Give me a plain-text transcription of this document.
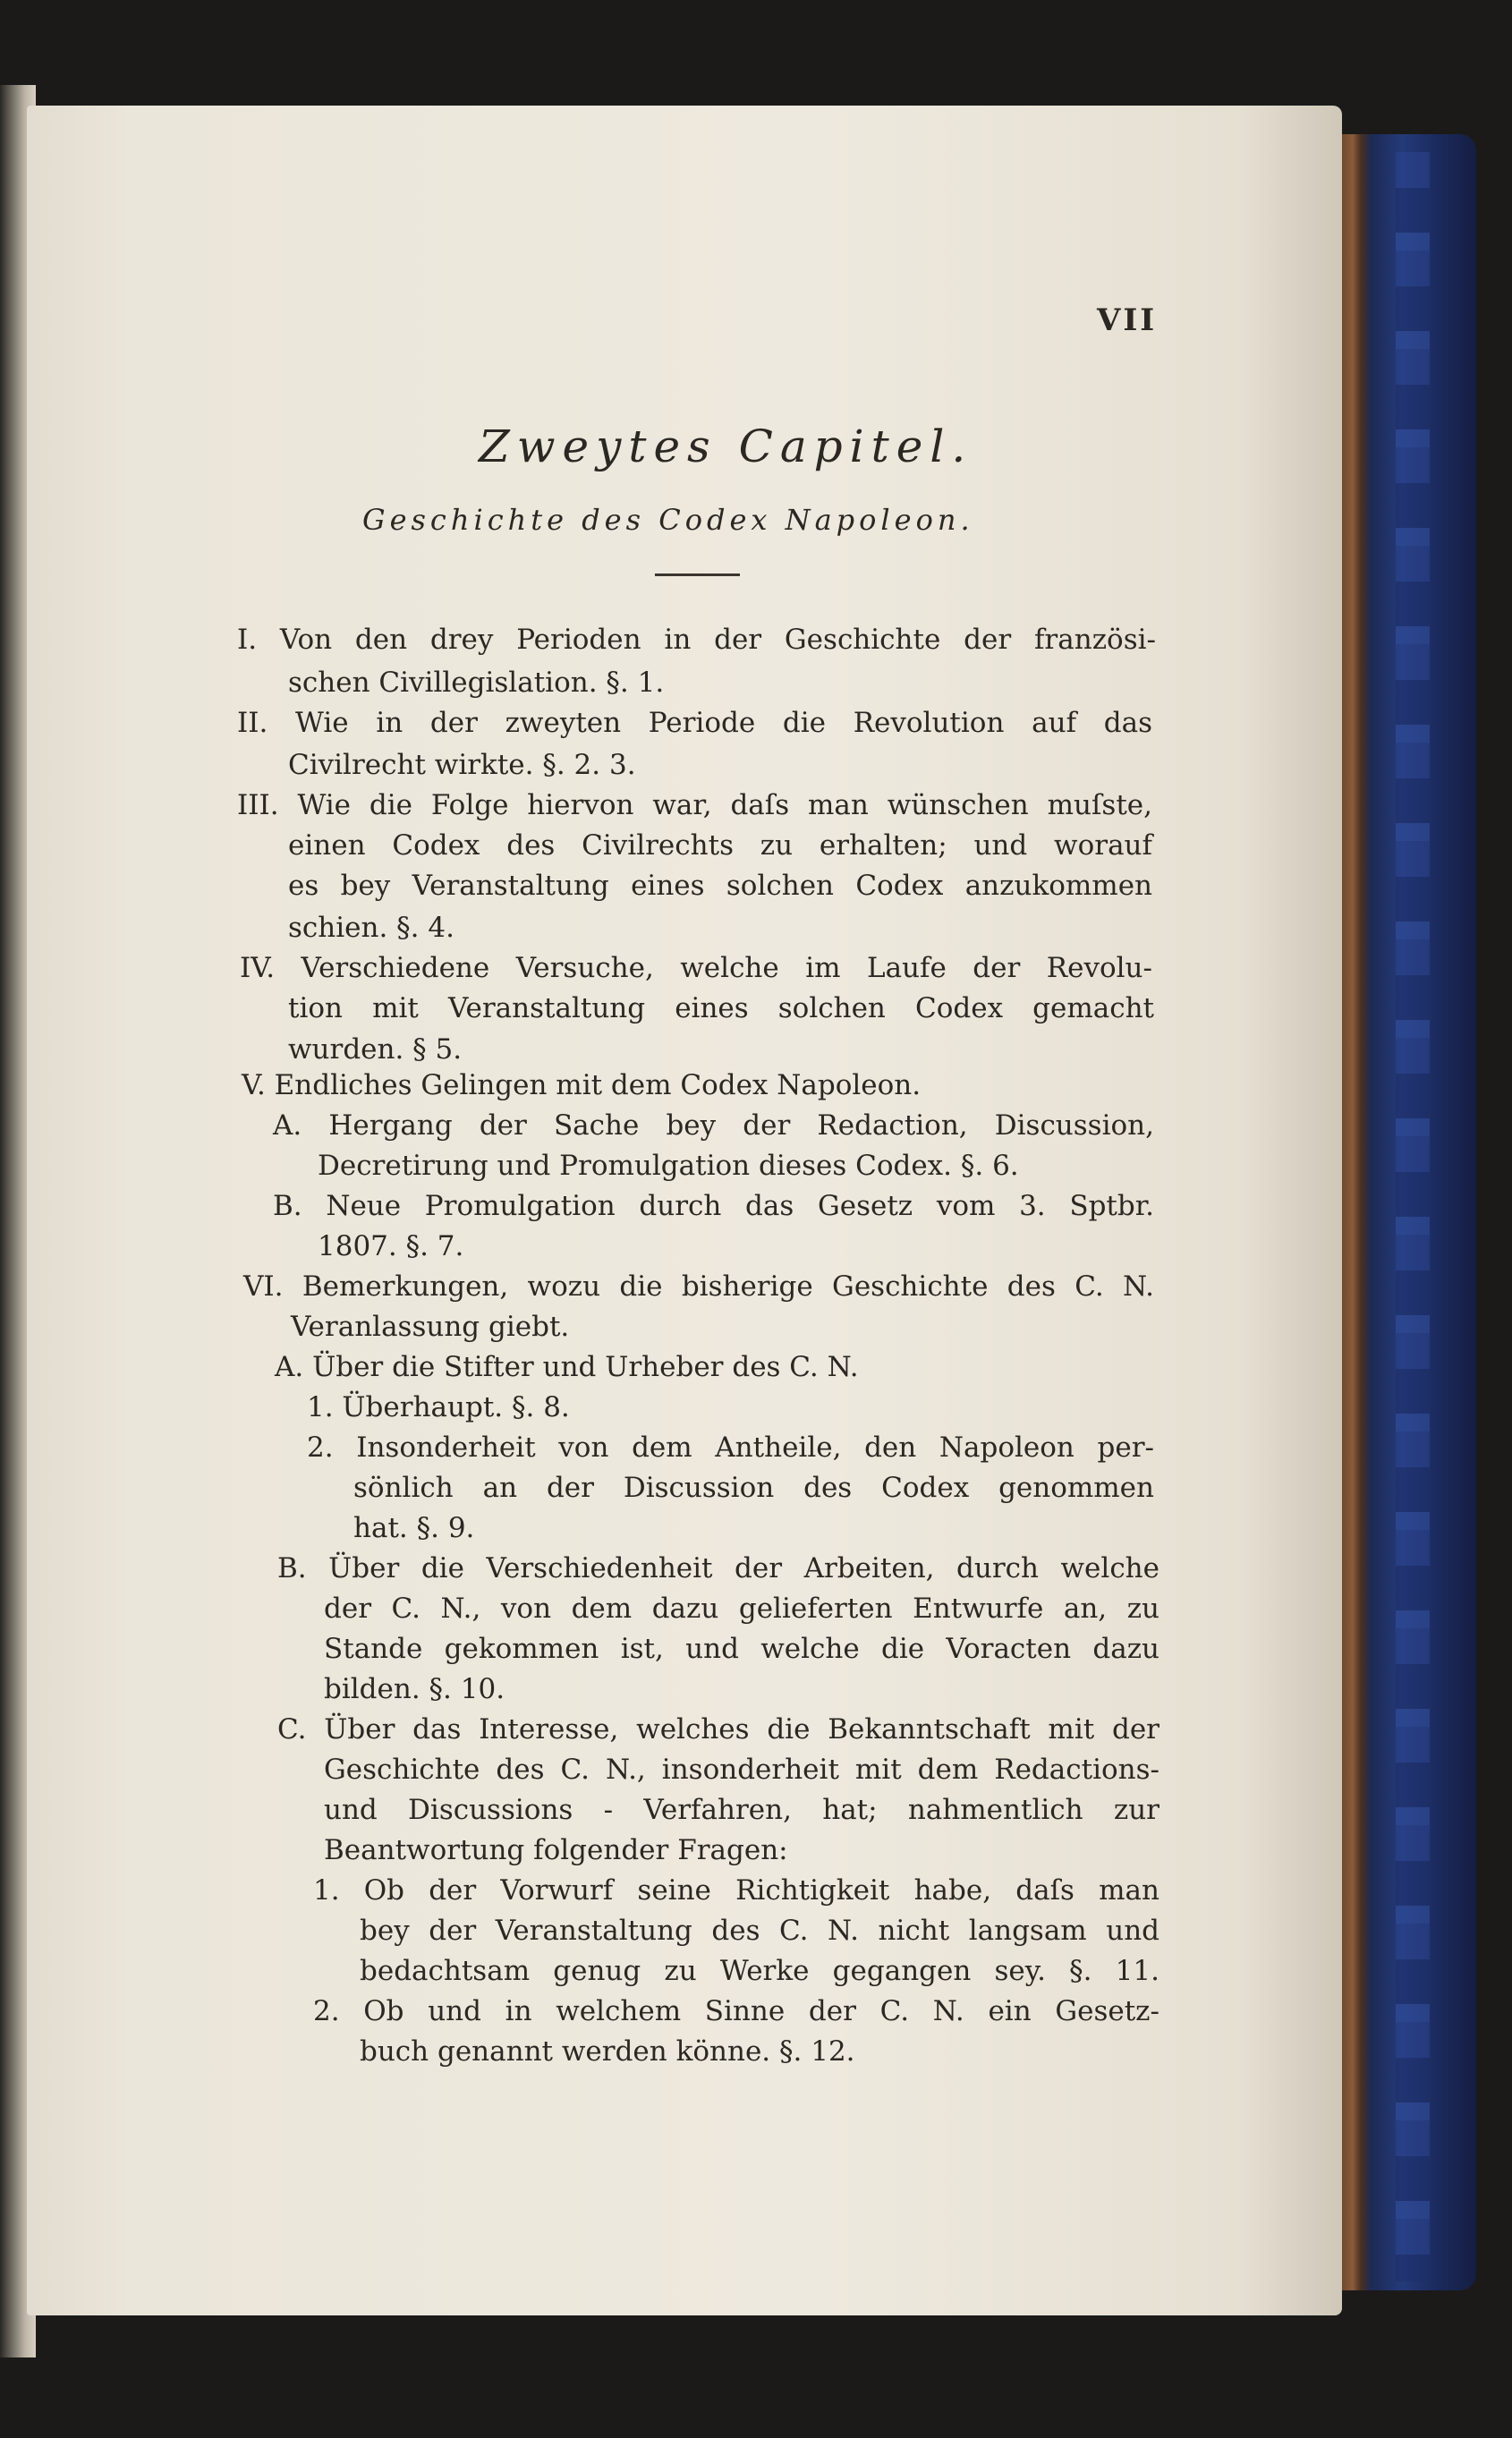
VII
Zweytes Capitel.
Geschichte des Codex Napoleon.
I. Von den drey Perioden in der Geschichte der französi-
schen Civillegislation. §. 1.
II. Wie in der zweyten Periode die Revolution auf das
Civilrecht wirkte. §. 2. 3.
III. Wie die Folge hiervon war, daſs man wünschen muſste,
einen Codex des Civilrechts zu erhalten; und worauf
es bey Veranstaltung eines solchen Codex anzukommen
schien. §. 4.
IV. Verschiedene Versuche, welche im Laufe der Revolu-
tion mit Veranstaltung eines solchen Codex gemacht
wurden. § 5.
V. Endliches Gelingen mit dem Codex Napoleon.
A. Hergang der Sache bey der Redaction, Discussion,
Decretirung und Promulgation dieses Codex. §. 6.
B. Neue Promulgation durch das Gesetz vom 3. Sptbr.
1807. §. 7.
VI. Bemerkungen, wozu die bisherige Geschichte des C. N.
Veranlassung giebt.
A. Über die Stifter und Urheber des C. N.
1. Überhaupt. §. 8.
2. Insonderheit von dem Antheile, den Napoleon per-
sönlich an der Discussion des Codex genommen
hat. §. 9.
B. Über die Verschiedenheit der Arbeiten, durch welche
der C. N., von dem dazu gelieferten Entwurfe an, zu
Stande gekommen ist, und welche die Voracten dazu
bilden. §. 10.
C. Über das Interesse, welches die Bekanntschaft mit der
Geschichte des C. N., insonderheit mit dem Redactions-
und Discussions - Verfahren, hat; nahmentlich zur
Beantwortung folgender Fragen:
1. Ob der Vorwurf seine Richtigkeit habe, daſs man
bey der Veranstaltung des C. N. nicht langsam und
bedachtsam genug zu Werke gegangen sey. §. 11.
2. Ob und in welchem Sinne der C. N. ein Gesetz-
buch genannt werden könne. §. 12.
